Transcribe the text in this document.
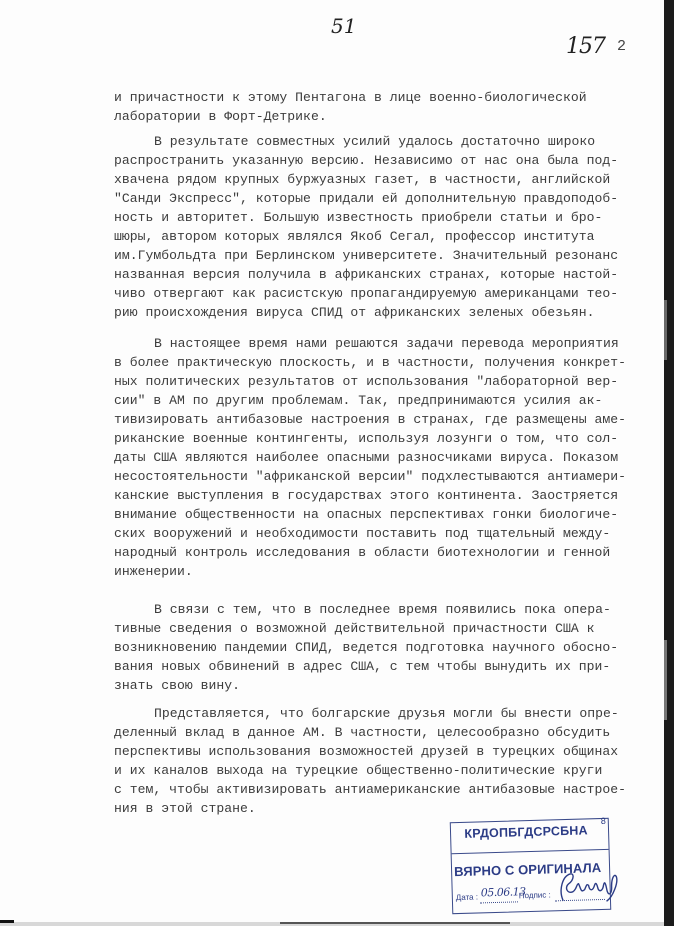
51
157 2
и причастности к этому Пентагона в лице военно-биологической
лаборатории в Форт-Детрике.
В результате совместных усилий удалось достаточно широко
распространить указанную версию. Независимо от нас она была под-
хвачена рядом крупных буржуазных газет, в частности, английской
"Санди Экспресс", которые придали ей дополнительную правдоподоб-
ность и авторитет. Большую известность приобрели статьи и бро-
шюры, автором которых являлся Якоб Сегал, профессор института
им.Гумбольдта при Берлинском университете. Значительный резонанс
названная версия получила в африканских странах, которые настой-
чиво отвергают как расистскую пропагандируемую американцами тео-
рию происхождения вируса СПИД от африканских зеленых обезьян.
В настоящее время нами решаются задачи перевода мероприятия
в более практическую плоскость, и в частности, получения конкрет-
ных политических результатов от использования "лабораторной вер-
сии" в АМ по другим проблемам. Так, предпринимаются усилия ак-
тивизировать антибазовые настроения в странах, где размещены аме-
риканские военные контингенты, используя лозунги о том, что сол-
даты США являются наиболее опасными разносчиками вируса. Показом
несостоятельности "африканской версии" подхлестываются антиамери-
канские выступления в государствах этого континента. Заостряется
внимание общественности на опасных перспективах гонки биологиче-
ских вооружений и необходимости поставить под тщательный между-
народный контроль исследования в области биотехнологии и генной
инженерии.
В связи с тем, что в последнее время появились пока опера-
тивные сведения о возможной действительной причастности США к
возникновению пандемии СПИД, ведется подготовка научного обосно-
вания новых обвинений в адрес США, с тем чтобы вынудить их при-
знать свою вину.
Представляется, что болгарские друзья могли бы внести опре-
деленный вклад в данное АМ. В частности, целесообразно обсудить
перспективы использования возможностей друзей в турецких общинах
и их каналов выхода на турецкие общественно-политические круги
с тем, чтобы активизировать антиамериканские антибазовые настрое-
ния в этой стране.
КРДОПБГДСРСБНА
8
ВЯРНО С ОРИГИНАЛА
Дата : 05.06.13
Подпис :
